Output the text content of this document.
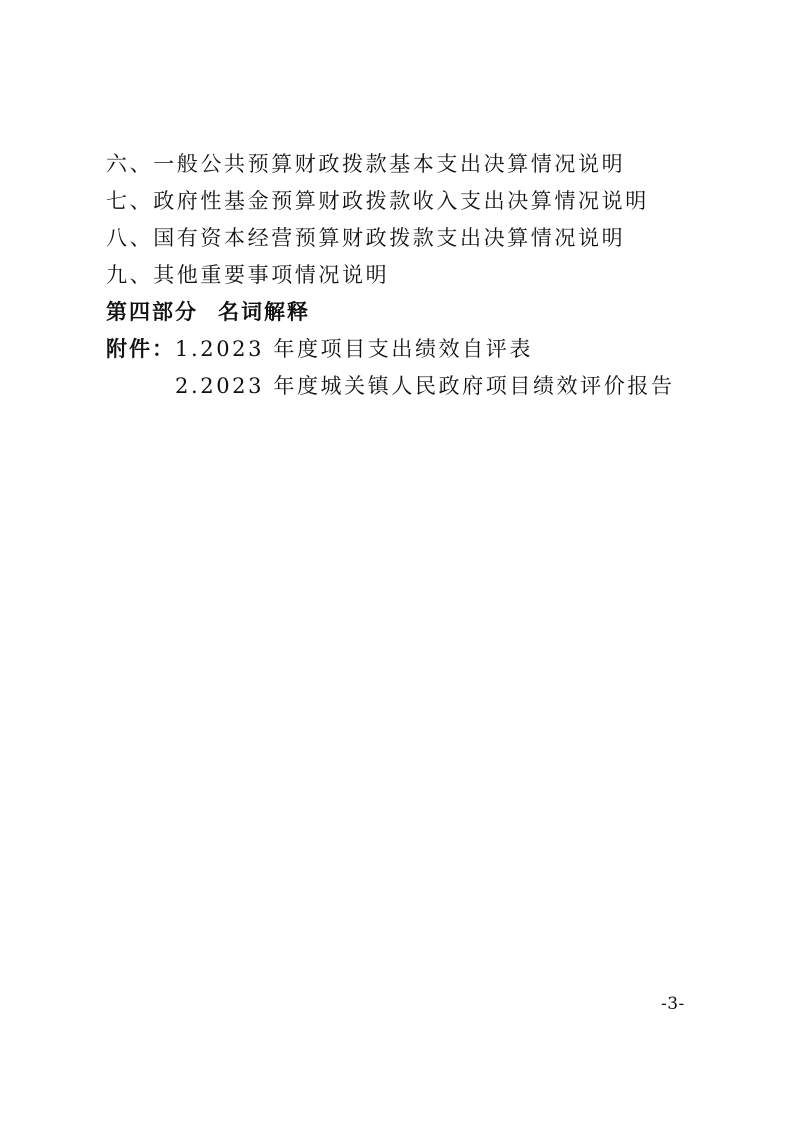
六、一般公共预算财政拨款基本支出决算情况说明
七、政府性基金预算财政拨款收入支出决算情况说明
八、国有资本经营预算财政拨款支出决算情况说明
九、其他重要事项情况说明
第四部分 名词解释
附件：1.2023 年度项目支出绩效自评表
2.2023 年度城关镇人民政府项目绩效评价报告
-3-
